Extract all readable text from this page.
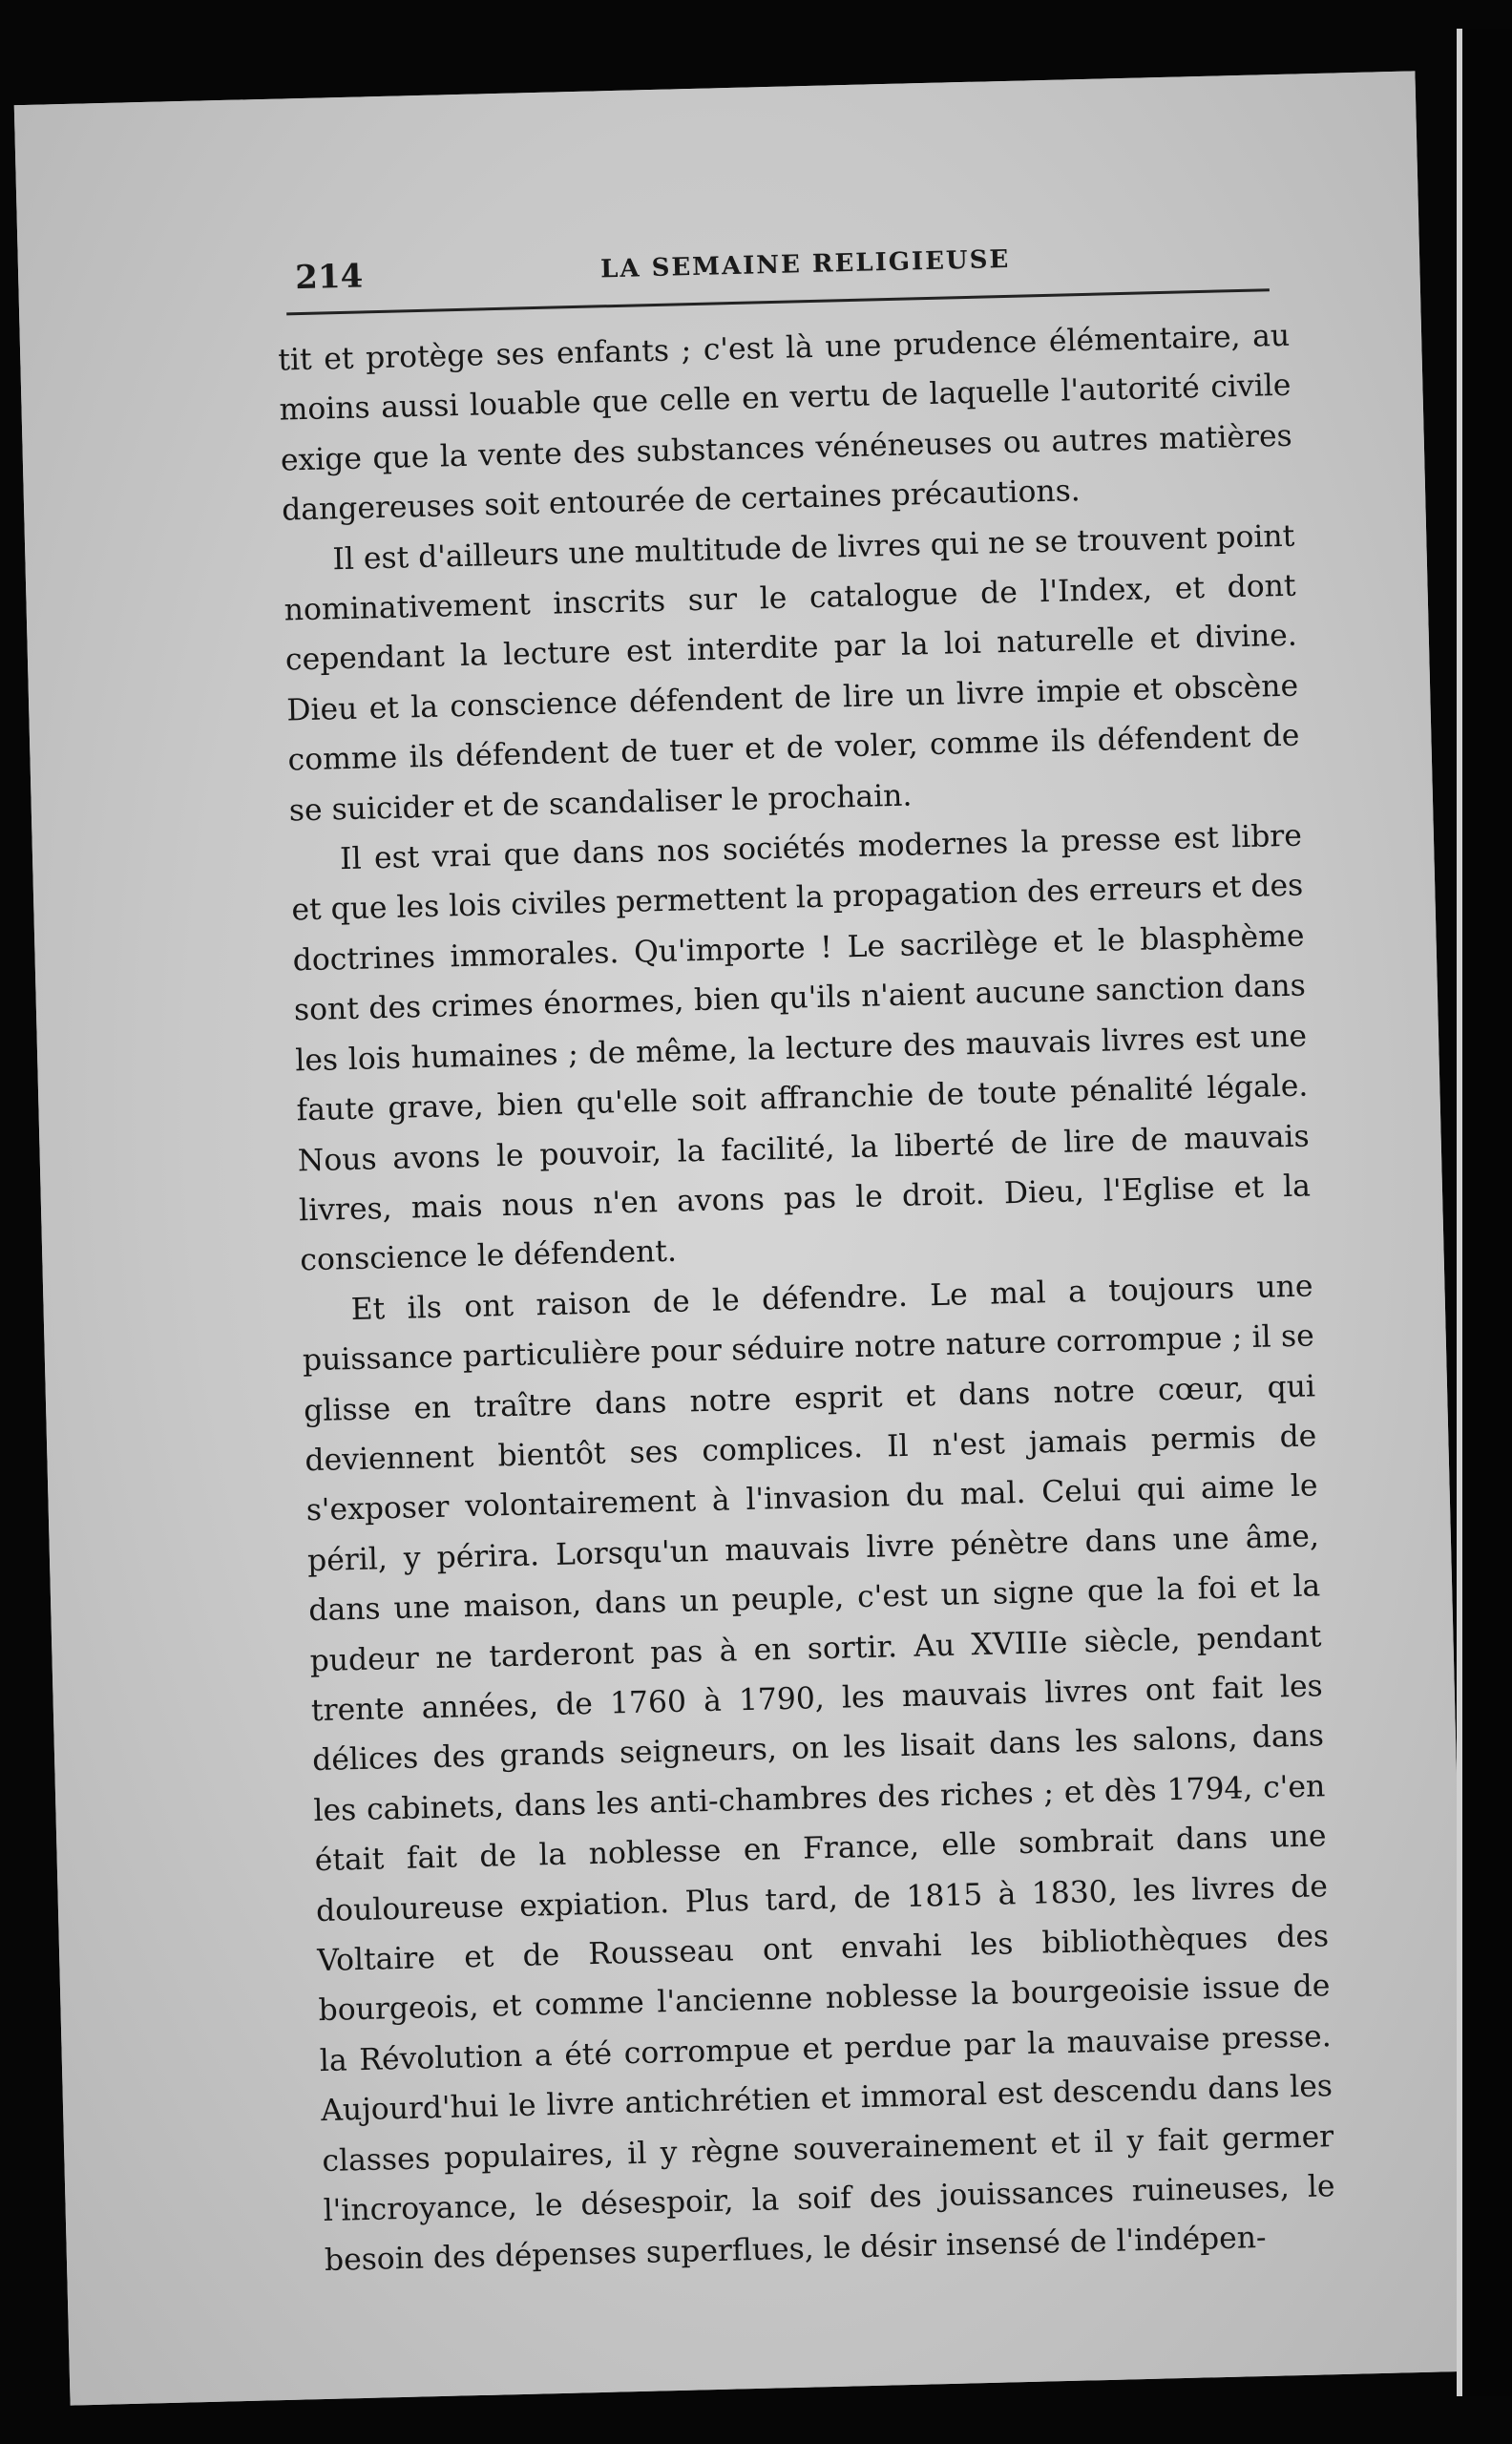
214	LA SEMAINE RELIGIEUSE

tit et protège ses enfants ; c'est là une prudence élémentaire, au moins aussi louable que celle en vertu de laquelle l'autorité civile exige que la vente des substances vénéneuses ou autres matières dangereuses soit entourée de certaines précautions.

Il est d'ailleurs une multitude de livres qui ne se trouvent point nominativement inscrits sur le catalogue de l'Index, et dont cependant la lecture est interdite par la loi naturelle et divine. Dieu et la conscience défendent de lire un livre impie et obscène comme ils défendent de tuer et de voler, comme ils défendent de se suicider et de scandaliser le prochain.

Il est vrai que dans nos sociétés modernes la presse est libre et que les lois civiles permettent la propagation des erreurs et des doctrines immorales. Qu'importe ! Le sacrilège et le blasphème sont des crimes énormes, bien qu'ils n'aient aucune sanction dans les lois humaines ; de même, la lecture des mauvais livres est une faute grave, bien qu'elle soit affranchie de toute pénalité légale. Nous avons le pouvoir, la facilité, la liberté de lire de mauvais livres, mais nous n'en avons pas le droit. Dieu, l'Eglise et la conscience le défendent.

Et ils ont raison de le défendre. Le mal a toujours une puissance particulière pour séduire notre nature corrompue ; il se glisse en traître dans notre esprit et dans notre cœur, qui deviennent bientôt ses complices. Il n'est jamais permis de s'exposer volontairement à l'invasion du mal. Celui qui aime le péril, y périra. Lorsqu'un mauvais livre pénètre dans une âme, dans une maison, dans un peuple, c'est un signe que la foi et la pudeur ne tarderont pas à en sortir. Au XVIIIe siècle, pendant trente années, de 1760 à 1790, les mauvais livres ont fait les délices des grands seigneurs, on les lisait dans les salons, dans les cabinets, dans les anti-chambres des riches ; et dès 1794, c'en était fait de la noblesse en France, elle sombrait dans une douloureuse expiation. Plus tard, de 1815 à 1830, les livres de Voltaire et de Rousseau ont envahi les bibliothèques des bourgeois, et comme l'ancienne noblesse la bourgeoisie issue de la Révolution a été corrompue et perdue par la mauvaise presse. Aujourd'hui le livre antichrétien et immoral est descendu dans les classes populaires, il y règne souverainement et il y fait germer l'incroyance, le désespoir, la soif des jouissances ruineuses, le besoin des dépenses superflues, le désir insensé de l'indépen-
